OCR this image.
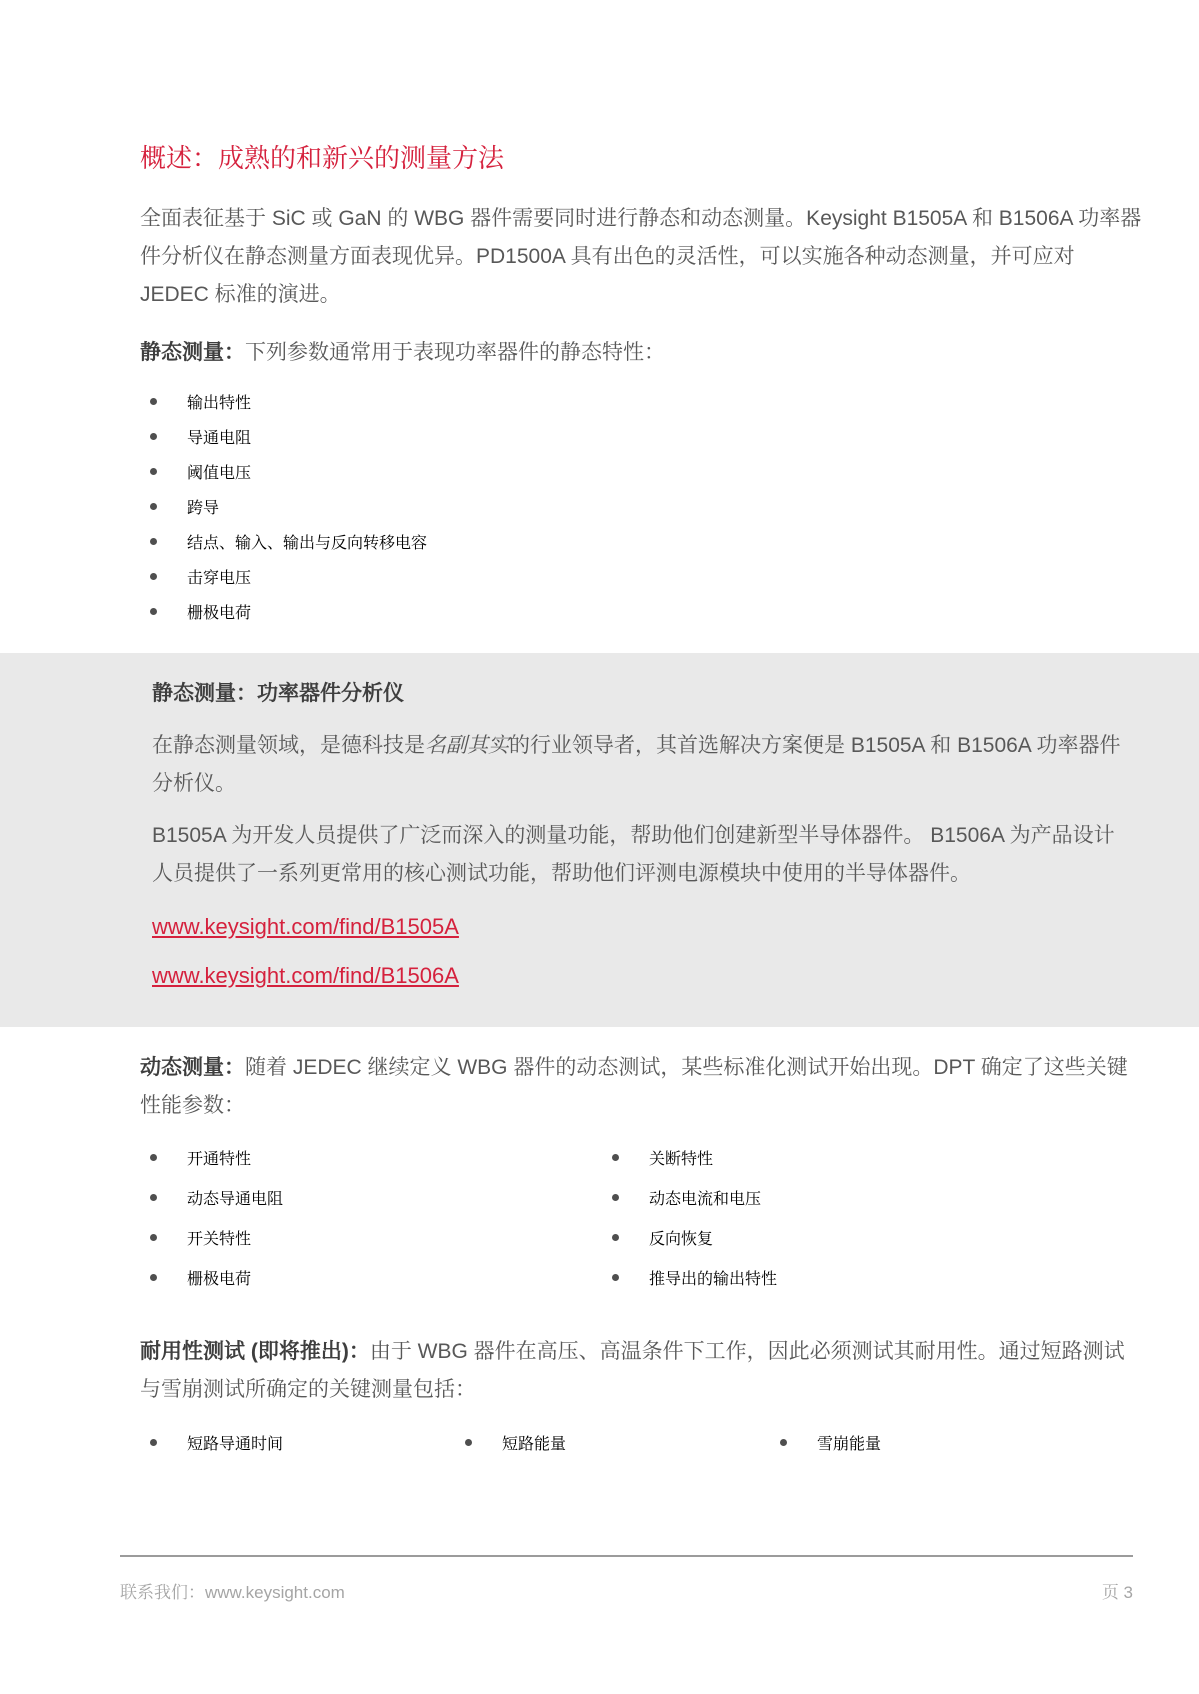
概述：成熟的和新兴的测量方法

全面表征基于 SiC 或 GaN 的 WBG 器件需要同时进行静态和动态测量。Keysight B1505A 和 B1506A 功率器件分析仪在静态测量方面表现优异。PD1500A 具有出色的灵活性，可以实施各种动态测量，并可应对 JEDEC 标准的演进。

静态测量：下列参数通常用于表现功率器件的静态特性：

输出特性
导通电阻
阈值电压
跨导
结点、输入、输出与反向转移电容
击穿电压
栅极电荷
静态测量：功率器件分析仪

在静态测量领域，是德科技是名副其实的行业领导者，其首选解决方案便是 B1505A 和 B1506A 功率器件分析仪。

B1505A 为开发人员提供了广泛而深入的测量功能，帮助他们创建新型半导体器件。 B1506A 为产品设计人员提供了一系列更常用的核心测试功能，帮助他们评测电源模块中使用的半导体器件。

www.keysight.com/find/B1505A

www.keysight.com/find/B1506A

动态测量：随着 JEDEC 继续定义 WBG 器件的动态测试，某些标准化测试开始出现。DPT 确定了这些关键性能参数：

开通特性
动态导通电阻
开关特性
栅极电荷
关断特性
动态电流和电压
反向恢复
推导出的输出特性

耐用性测试 (即将推出)：由于 WBG 器件在高压、高温条件下工作，因此必须测试其耐用性。通过短路测试与雪崩测试所确定的关键测量包括：

短路导通时间	短路能量	雪崩能量
联系我们：www.keysight.com	页 3
